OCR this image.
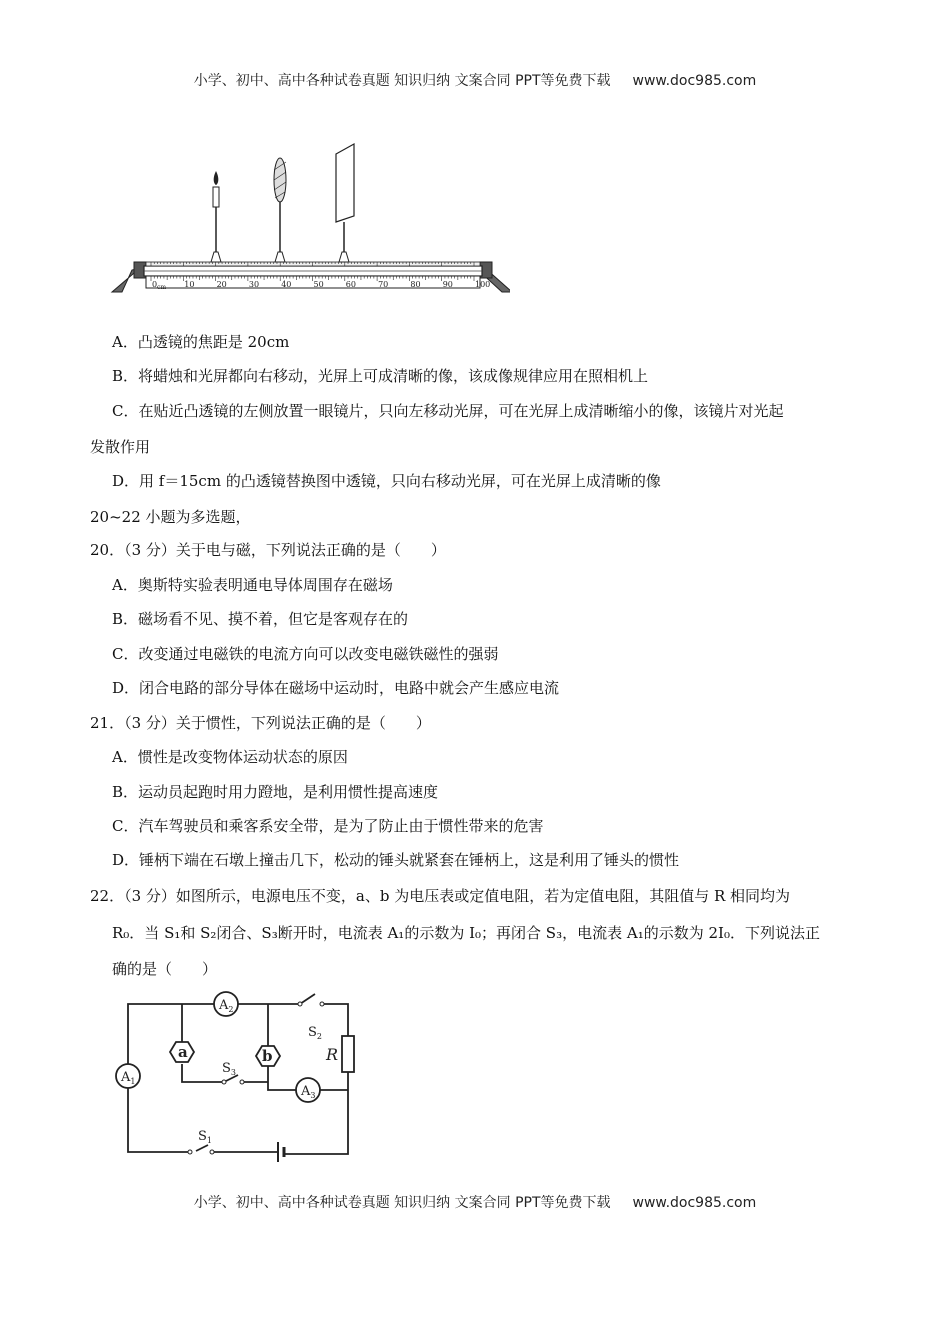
小学、初中、高中各种试卷真题 知识归纳 文案合同 PPT等免费下载 www.doc985.com
0	10	20	30	40	50	60	70	80	90	100
cm
A．凸透镜的焦距是 20cm
B．将蜡烛和光屏都向右移动，光屏上可成清晰的像，该成像规律应用在照相机上
C．在贴近凸透镜的左侧放置一眼镜片，只向左移动光屏，可在光屏上成清晰缩小的像，该镜片对光起
发散作用
D．用 f＝15cm 的凸透镜替换图中透镜，只向右移动光屏，可在光屏上成清晰的像
20~22 小题为多选题，
20．（3 分）关于电与磁，下列说法正确的是（　　）
A．奥斯特实验表明通电导体周围存在磁场
B．磁场看不见、摸不着，但它是客观存在的
C．改变通过电磁铁的电流方向可以改变电磁铁磁性的强弱
D．闭合电路的部分导体在磁场中运动时，电路中就会产生感应电流
21．（3 分）关于惯性，下列说法正确的是（　　）
A．惯性是改变物体运动状态的原因
B．运动员起跑时用力蹬地，是利用惯性提高速度
C．汽车驾驶员和乘客系安全带，是为了防止由于惯性带来的危害
D．锤柄下端在石墩上撞击几下，松动的锤头就紧套在锤柄上，这是利用了锤头的惯性
22．（3 分）如图所示，电源电压不变，a、b 为电压表或定值电阻，若为定值电阻，其阻值与 R 相同均为
R₀．当 S₁和 S₂闭合、S₃断开时，电流表 A₁的示数为 I₀；再闭合 S₃，电流表 A₁的示数为 2I₀．下列说法正
确的是（　　）
R
$A_2$
$A_1$
$A_3$
a	b
$S_2$
$S_3$
$S_1$
小学、初中、高中各种试卷真题 知识归纳 文案合同 PPT等免费下载 www.doc985.com
